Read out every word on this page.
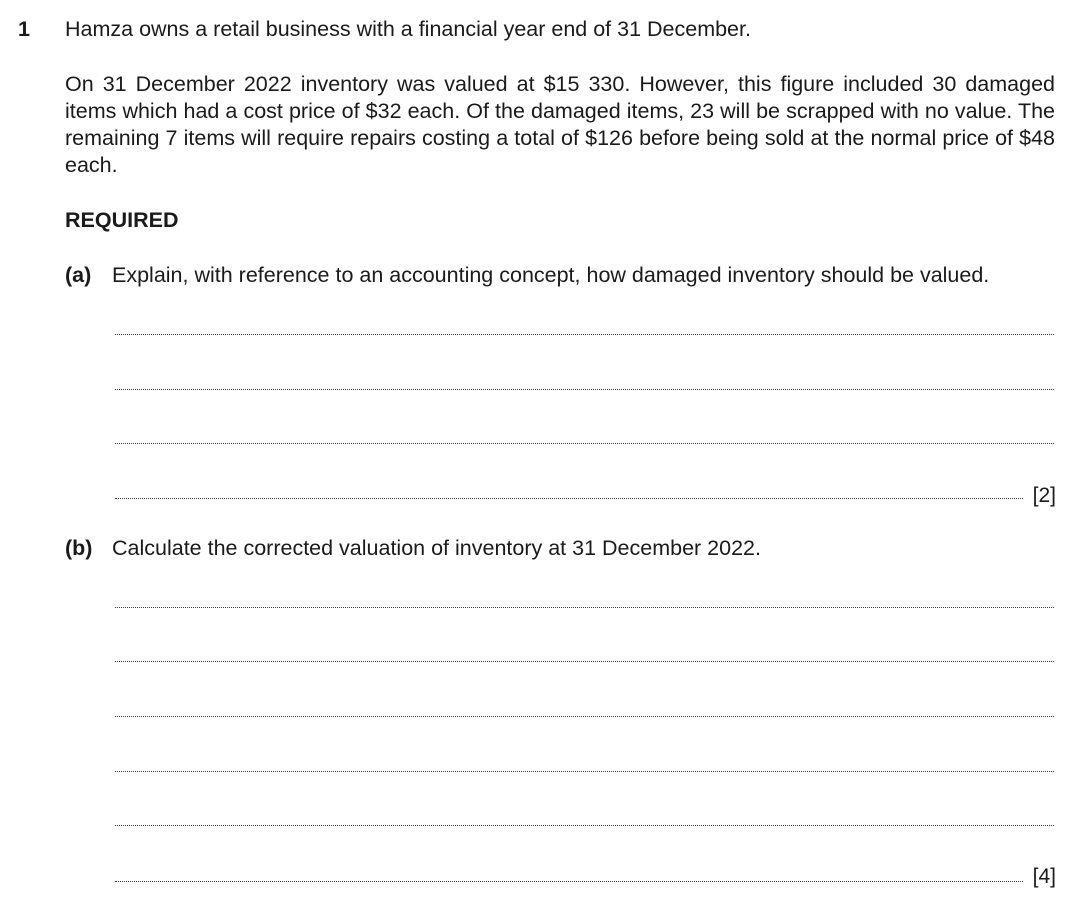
1 Hamza owns a retail business with a financial year end of 31 December.
On 31 December 2022 inventory was valued at $15 330. However, this figure included 30 damaged items which had a cost price of $32 each. Of the damaged items, 23 will be scrapped with no value. The remaining 7 items will require repairs costing a total of $126 before being sold at the normal price of $48 each.
REQUIRED
(a) Explain, with reference to an accounting concept, how damaged inventory should be valued.
[2]
(b) Calculate the corrected valuation of inventory at 31 December 2022.
[4]
